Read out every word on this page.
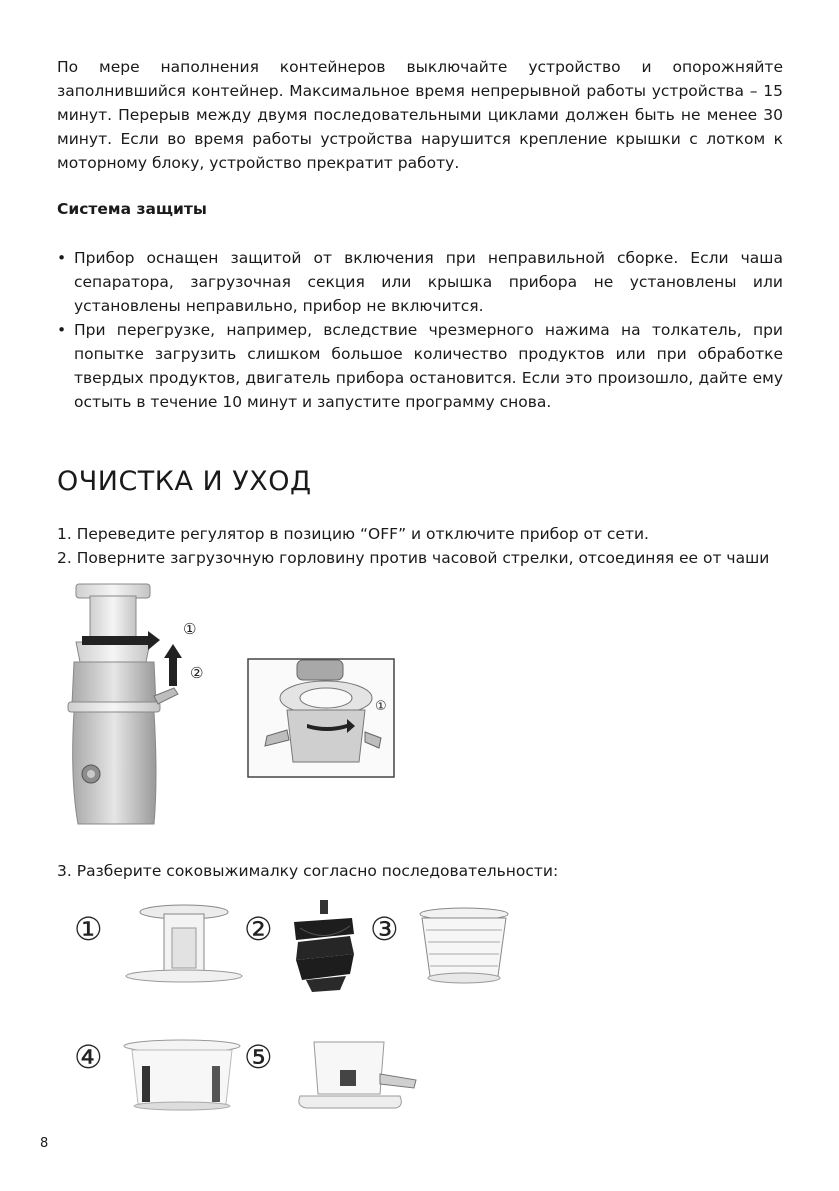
По мере наполнения контейнеров выключайте устройство и опорожняйте заполнившийся контейнер. Максимальное время непрерывной работы устройства – 15 минут. Перерыв между двумя последовательными циклами должен быть не менее 30 минут. Если во время работы устройства нарушится крепление крышки с лотком к моторному блоку, устройство прекратит работу.

Система защиты
• Прибор оснащен защитой от включения при неправильной сборке. Если чаша сепаратора, загрузочная секция или крышка прибора не установлены или установлены неправильно, прибор не включится.
• При перегрузке, например, вследствие чрезмерного нажима на толкатель, при попытке загрузить слишком большое количество продуктов или при обработке твердых продуктов, двигатель прибора остановится. Если это произошло, дайте ему остыть в течение 10 минут и запустите программу снова.
ОЧИСТКА И УХОД
1. Переведите регулятор в позицию “OFF” и отключите прибор от сети.
2. Поверните загрузочную горловину против часовой стрелки, отсоединяя ее от чаши
①
②
①

3. Разберите соковыжималку согласно последовательности:

①	②	③
④	⑤
8
